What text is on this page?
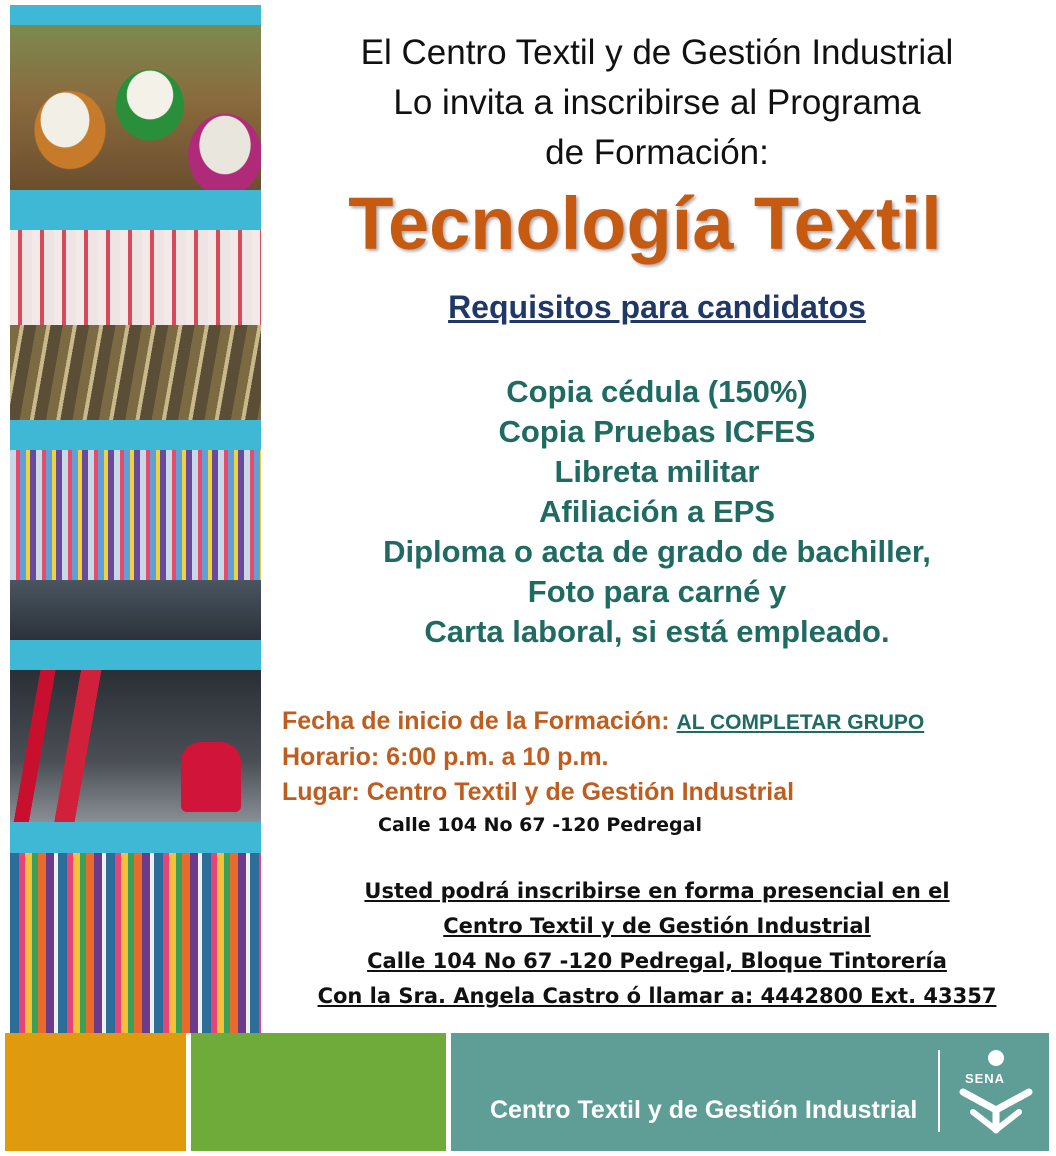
El Centro Textil y de Gestión Industrial
Lo invita a inscribirse al Programa
de Formación:
Tecnología Textil
Requisitos para candidatos
Copia cédula (150%)
Copia Pruebas ICFES
Libreta militar
Afiliación a EPS
Diploma o acta de grado de bachiller,
Foto para carné y
Carta laboral, si está empleado.
Fecha de inicio de la Formación: AL COMPLETAR GRUPO
Horario: 6:00 p.m. a 10 p.m.
Lugar: Centro Textil y de Gestión Industrial
Calle 104 No 67 -120 Pedregal
Usted podrá inscribirse en forma presencial en el
Centro Textil y de Gestión Industrial
Calle 104 No 67 -120 Pedregal, Bloque Tintorería
Con la Sra. Angela Castro ó llamar a: 4442800 Ext. 43357
Centro Textil y de Gestión Industrial
SENA
